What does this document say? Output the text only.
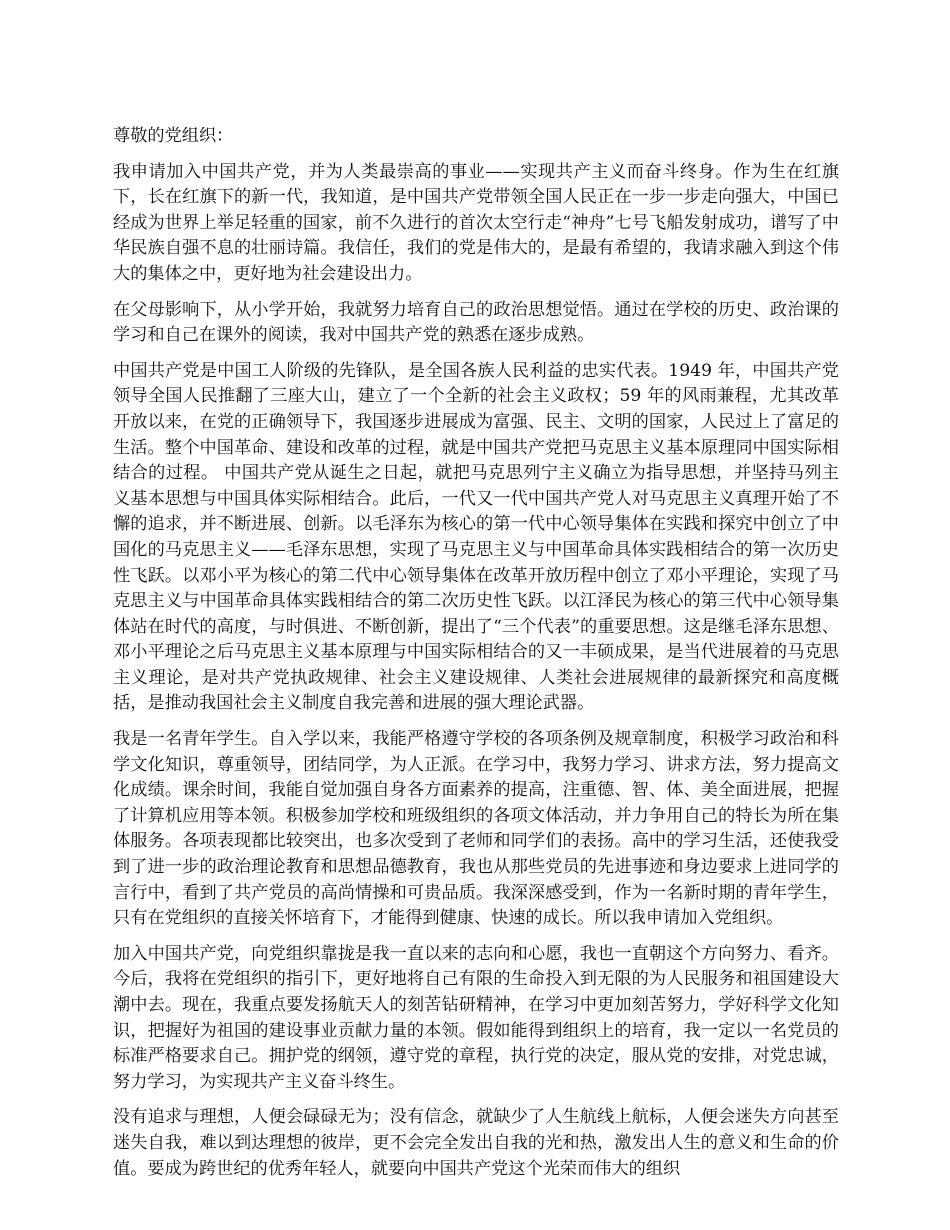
尊敬的党组织：

我申请加入中国共产党，并为人类最崇高的事业——实现共产主义而奋斗终身。作为生在红旗下，长在红旗下的新一代，我知道，是中国共产党带领全国人民正在一步一步走向强大，中国已经成为世界上举足轻重的国家，前不久进行的首次太空行走“神舟”七号飞船发射成功，谱写了中华民族自强不息的壮丽诗篇。我信任，我们的党是伟大的，是最有希望的，我请求融入到这个伟大的集体之中，更好地为社会建设出力。

在父母影响下，从小学开始，我就努力培育自己的政治思想觉悟。通过在学校的历史、政治课的学习和自己在课外的阅读，我对中国共产党的熟悉在逐步成熟。

中国共产党是中国工人阶级的先锋队，是全国各族人民利益的忠实代表。1949 年，中国共产党领导全国人民推翻了三座大山，建立了一个全新的社会主义政权；59 年的风雨兼程，尤其改革开放以来，在党的正确领导下，我国逐步进展成为富强、民主、文明的国家，人民过上了富足的生活。整个中国革命、建设和改革的过程，就是中国共产党把马克思主义基本原理同中国实际相结合的过程。 中国共产党从诞生之日起，就把马克思列宁主义确立为指导思想，并坚持马列主义基本思想与中国具体实际相结合。此后，一代又一代中国共产党人对马克思主义真理开始了不懈的追求，并不断进展、创新。以毛泽东为核心的第一代中心领导集体在实践和探究中创立了中国化的马克思主义——毛泽东思想，实现了马克思主义与中国革命具体实践相结合的第一次历史性飞跃。以邓小平为核心的第二代中心领导集体在改革开放历程中创立了邓小平理论，实现了马克思主义与中国革命具体实践相结合的第二次历史性飞跃。以江泽民为核心的第三代中心领导集体站在时代的高度，与时俱进、不断创新，提出了“三个代表”的重要思想。这是继毛泽东思想、邓小平理论之后马克思主义基本原理与中国实际相结合的又一丰硕成果，是当代进展着的马克思主义理论，是对共产党执政规律、社会主义建设规律、人类社会进展规律的最新探究和高度概括，是推动我国社会主义制度自我完善和进展的强大理论武器。

我是一名青年学生。自入学以来，我能严格遵守学校的各项条例及规章制度，积极学习政治和科学文化知识，尊重领导，团结同学，为人正派。在学习中，我努力学习、讲求方法，努力提高文化成绩。课余时间，我能自觉加强自身各方面素养的提高，注重德、智、体、美全面进展，把握了计算机应用等本领。积极参加学校和班级组织的各项文体活动，并力争用自己的特长为所在集体服务。各项表现都比较突出，也多次受到了老师和同学们的表扬。高中的学习生活，还使我受到了进一步的政治理论教育和思想品德教育，我也从那些党员的先进事迹和身边要求上进同学的言行中，看到了共产党员的高尚情操和可贵品质。我深深感受到，作为一名新时期的青年学生，只有在党组织的直接关怀培育下，才能得到健康、快速的成长。所以我申请加入党组织。

加入中国共产党，向党组织靠拢是我一直以来的志向和心愿，我也一直朝这个方向努力、看齐。今后，我将在党组织的指引下，更好地将自己有限的生命投入到无限的为人民服务和祖国建设大潮中去。现在，我重点要发扬航天人的刻苦钻研精神，在学习中更加刻苦努力，学好科学文化知识，把握好为祖国的建设事业贡献力量的本领。假如能得到组织上的培育，我一定以一名党员的标准严格要求自己。拥护党的纲领，遵守党的章程，执行党的决定，服从党的安排，对党忠诚，努力学习，为实现共产主义奋斗终生。

没有追求与理想，人便会碌碌无为；没有信念，就缺少了人生航线上航标，人便会迷失方向甚至迷失自我，难以到达理想的彼岸，更不会完全发出自我的光和热，激发出人生的意义和生命的价值。要成为跨世纪的优秀年轻人，就要向中国共产党这个光荣而伟大的组织
